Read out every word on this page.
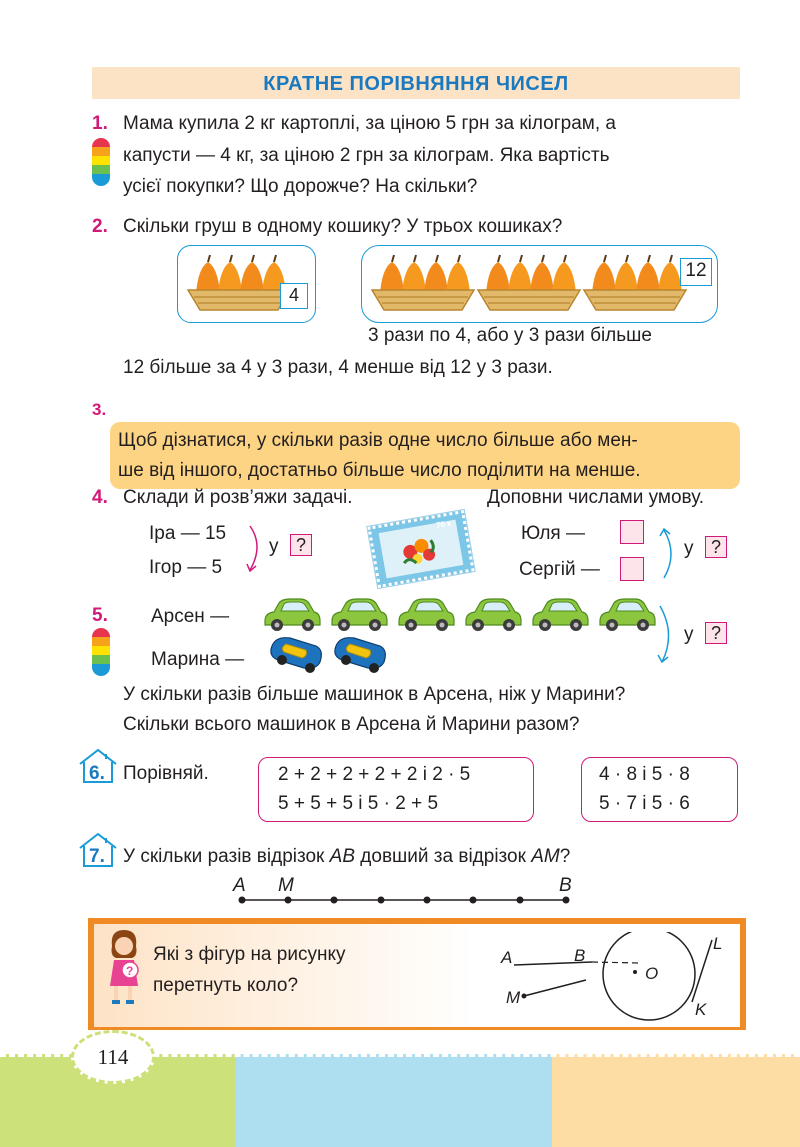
КРАТНЕ ПОРІВНЯННЯ ЧИСЕЛ
1. Мама купила 2 кг картоплі, за ціною 5 грн за кілограм, а
капусти — 4 кг, за ціною 2 грн за кілограм. Яка вартість
усієї покупки? Що дорожче? На скільки?
2. Скільки груш в одному кошику? У трьох кошиках?
4
12
3 рази по 4, або у 3 рази більше
12 більше за 4 у 3 рази, 4 менше від 12 у 3 рази.
3.
Щоб дізнатися, у скільки разів одне число більше або мен-
ше від іншого, достатньо більше число поділити на менше.
4. Склади й розв’яжи задачі.	Доповни числами умову.
Іра — 15
Ігор — 5
у ?
70 к	Юля —
Сергій —
у ?
5. Арсен —
Марина —
у ?
У скільки разів більше машинок в Арсена, ніж у Марини?
Скільки всього машинок в Арсена й Марини разом?
6. Порівняй.	2 + 2 + 2 + 2 + 2 і 2 · 5
5 + 5 + 5 і 5 · 2 + 5
4 · 8 і 5 · 8
5 · 7 і 5 · 6
7. У скільки разів відрізок AB довший за відрізок AM?
A M	B
?
Які з фігур на рисунку
перетнуть коло?
A	B
O
M
L
K
114
